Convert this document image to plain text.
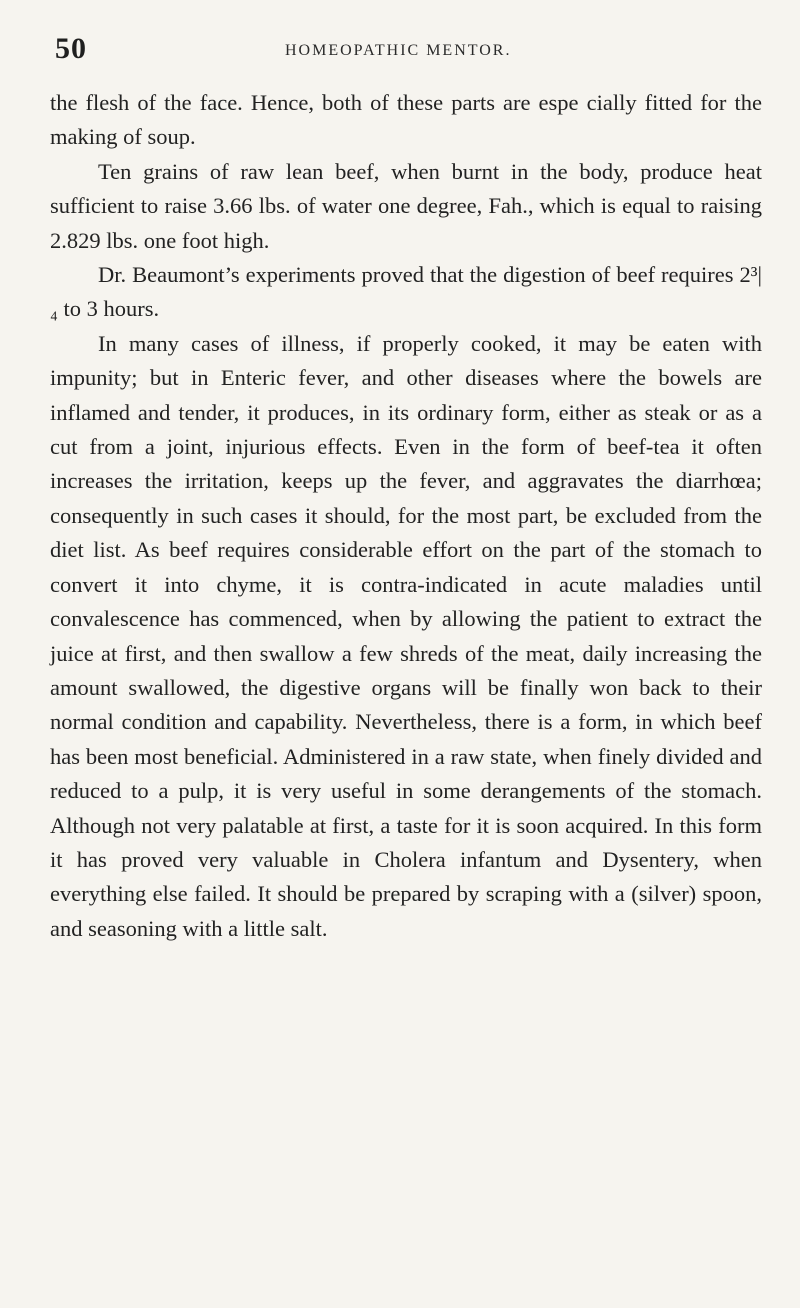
50	HOMEOPATHIC MENTOR.

the flesh of the face. Hence, both of these parts are espe cially fitted for the making of soup.

Ten grains of raw lean beef, when burnt in the body, produce heat sufficient to raise 3.66 lbs. of water one degree, Fah., which is equal to raising 2.829 lbs. one foot high.

Dr. Beaumont’s experiments proved that the digestion of beef requires 2³|₄ to 3 hours.

In many cases of illness, if properly cooked, it may be eaten with impunity; but in Enteric fever, and other diseases where the bowels are inflamed and tender, it produces, in its ordinary form, either as steak or as a cut from a joint, injurious effects. Even in the form of beef-tea it often increases the irritation, keeps up the fever, and aggravates the diarrhœa; consequently in such cases it should, for the most part, be excluded from the diet list. As beef requires considerable effort on the part of the stomach to convert it into chyme, it is contra-indicated in acute maladies until convalescence has commenced, when by allowing the patient to extract the juice at first, and then swallow a few shreds of the meat, daily increasing the amount swallowed, the digestive organs will be finally won back to their normal condition and capability. Nevertheless, there is a form, in which beef has been most beneficial. Administered in a raw state, when finely divided and reduced to a pulp, it is very useful in some derangements of the stomach. Although not very palatable at first, a taste for it is soon acquired. In this form it has proved very valuable in Cholera infantum and Dysentery, when everything else failed. It should be prepared by scraping with a (silver) spoon, and seasoning with a little salt.
